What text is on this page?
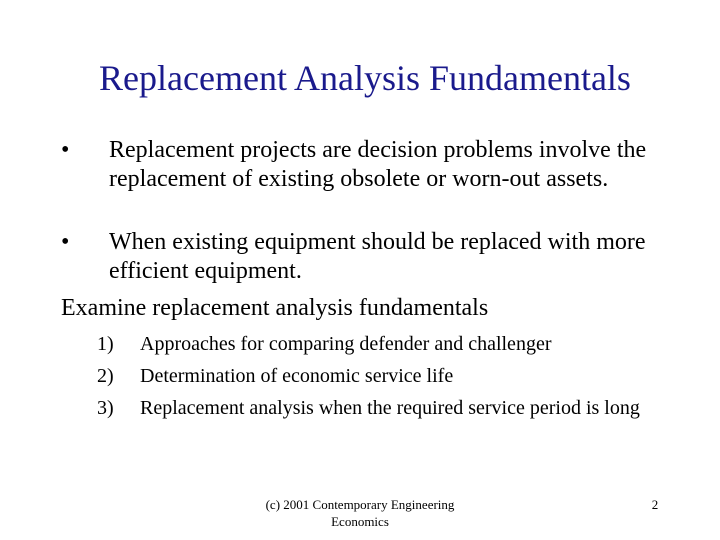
Replacement Analysis Fundamentals
•	Replacement projects are decision problems involve the replacement of existing obsolete or worn-out assets.
•	When existing equipment should be replaced with more efficient equipment.
Examine replacement analysis fundamentals
1) Approaches for comparing defender and challenger
2) Determination of economic service life
3) Replacement analysis when the required service period is long
(c) 2001 Contemporary Engineering Economics
2
